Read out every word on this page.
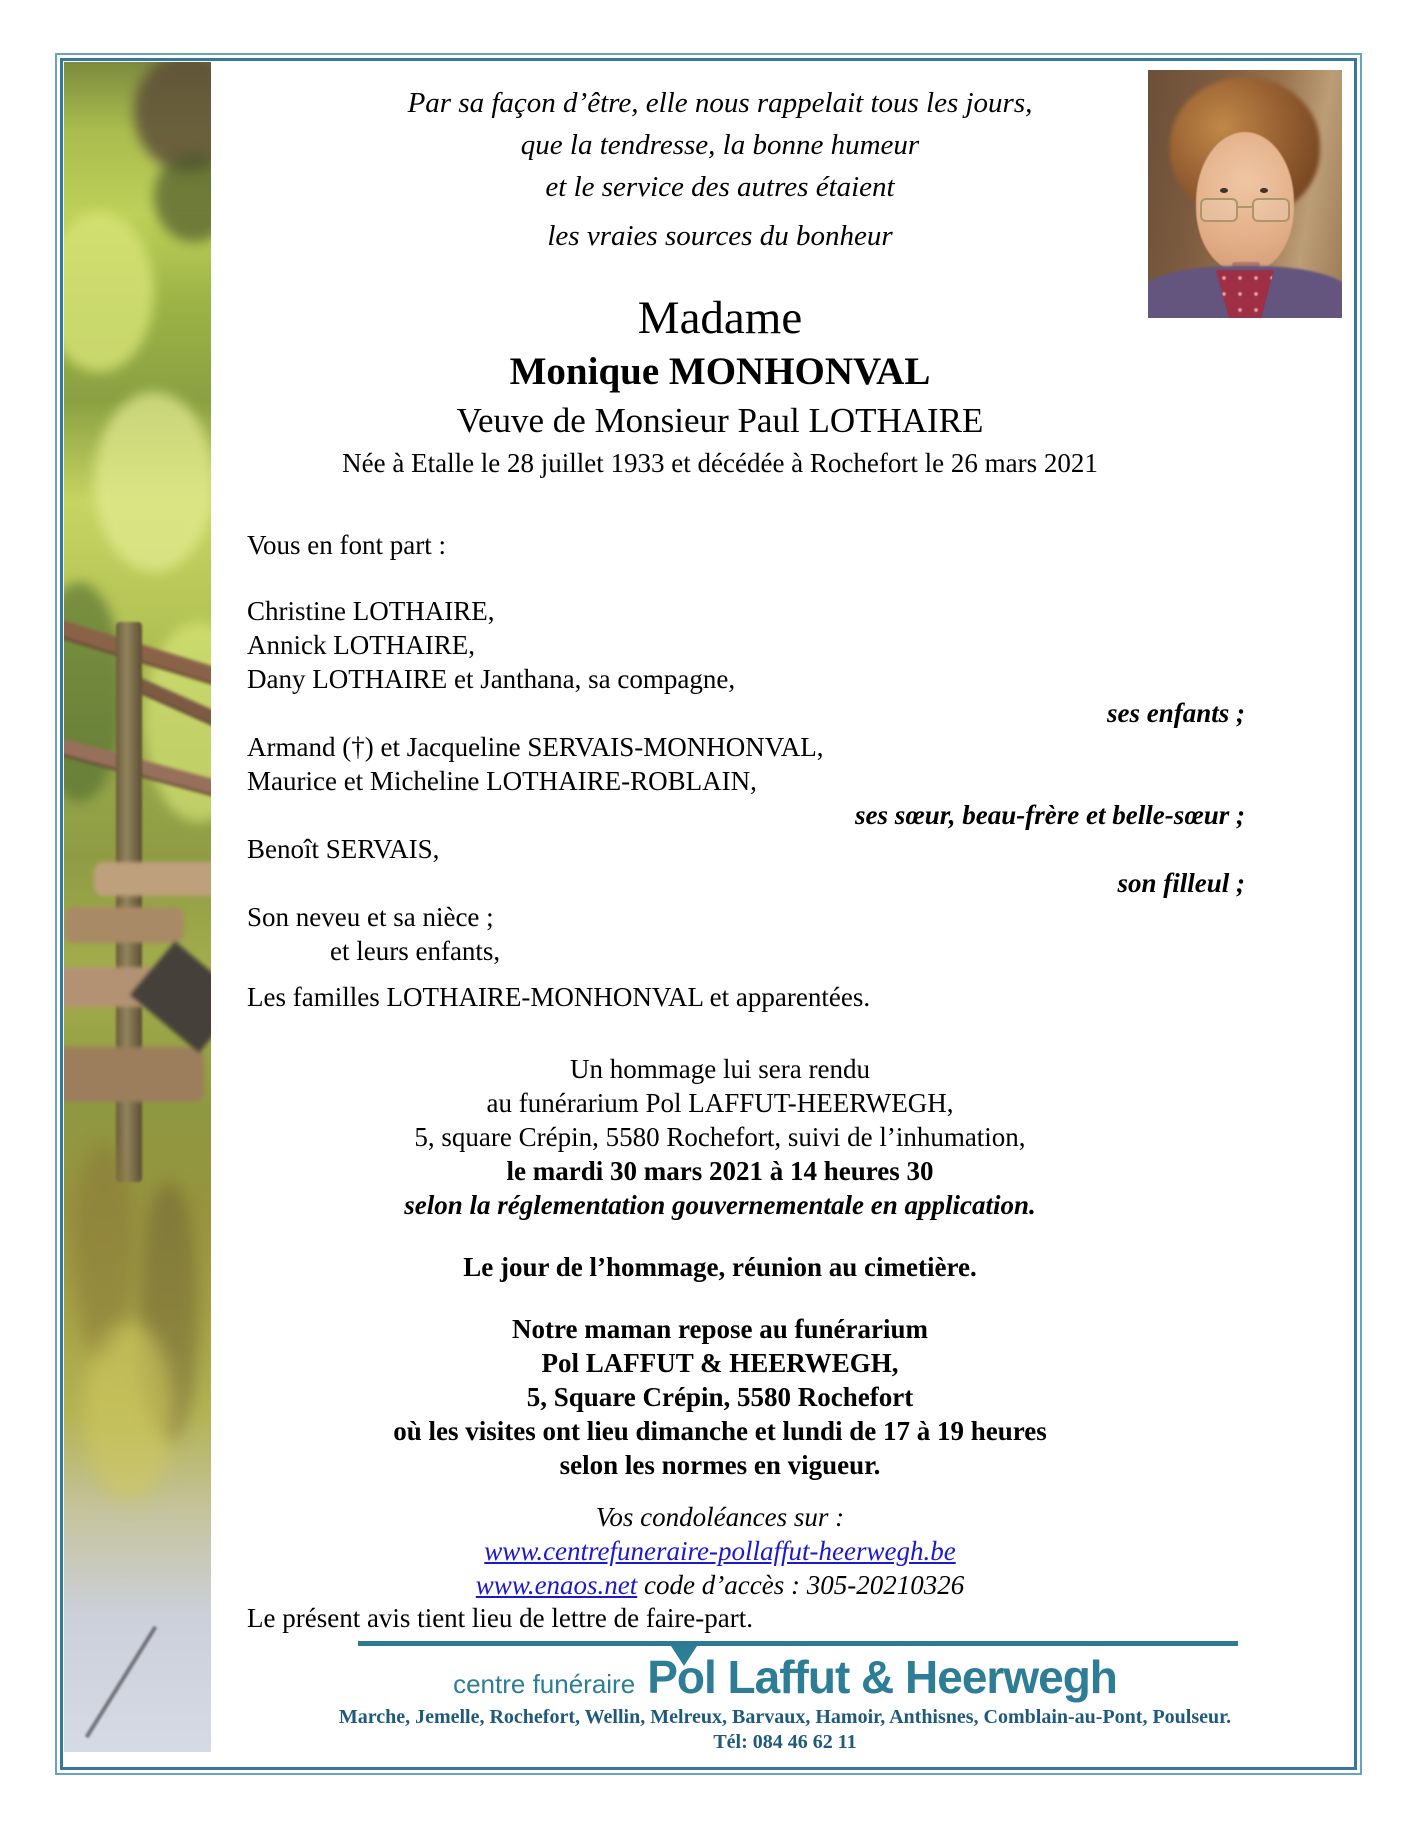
Par sa façon d’être, elle nous rappelait tous les jours,
que la tendresse, la bonne humeur
et le service des autres étaient
les vraies sources du bonheur
Madame
Monique MONHONVAL
Veuve de Monsieur Paul LOTHAIRE
Née à Etalle le 28 juillet 1933 et décédée à Rochefort le 26 mars 2021
Vous en font part :
Christine LOTHAIRE,
Annick LOTHAIRE,
Dany LOTHAIRE et Janthana, sa compagne,
ses enfants ;
Armand (†) et Jacqueline SERVAIS-MONHONVAL,
Maurice et Micheline LOTHAIRE-ROBLAIN,
ses sœur, beau-frère et belle-sœur ;
Benoît SERVAIS,
son filleul ;
Son neveu et sa nièce ;
et leurs enfants,
Les familles LOTHAIRE-MONHONVAL et apparentées.
Un hommage lui sera rendu
au funérarium Pol LAFFUT-HEERWEGH,
5, square Crépin, 5580 Rochefort, suivi de l’inhumation,
le mardi 30 mars 2021 à 14 heures 30
selon la réglementation gouvernementale en application.
Le jour de l’hommage, réunion au cimetière.
Notre maman repose au funérarium
Pol LAFFUT & HEERWEGH,
5, Square Crépin, 5580 Rochefort
où les visites ont lieu dimanche et lundi de 17 à 19 heures
selon les normes en vigueur.
Vos condoléances sur :
www.centrefuneraire-pollaffut-heerwegh.be
www.enaos.net code d’accès : 305-20210326
Le présent avis tient lieu de lettre de faire-part.
centre funéraire Pol Laffut & Heerwegh
Marche, Jemelle, Rochefort, Wellin, Melreux, Barvaux, Hamoir, Anthisnes, Comblain-au-Pont, Poulseur.
Tél: 084 46 62 11
